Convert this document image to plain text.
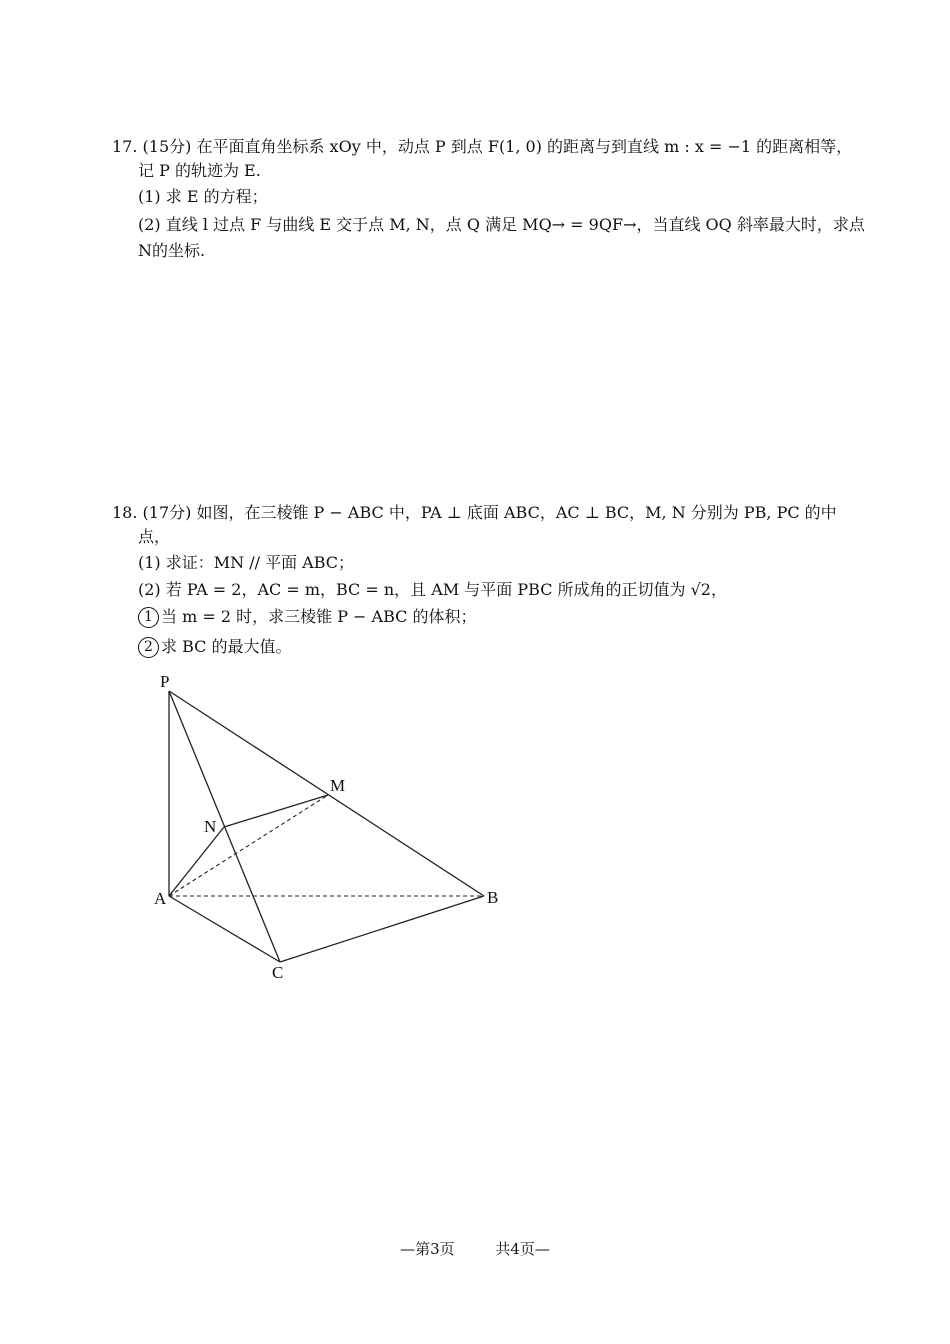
17. (15分) 在平面直角坐标系 xOy 中，动点 P 到点 F(1, 0) 的距离与到直线 m : x = −1 的距离相等，
记 P 的轨迹为 E.
(1) 求 E 的方程；
(2) 直线 l 过点 F 与曲线 E 交于点 M, N，点 Q 满足 MQ→ = 9QF→，当直线 OQ 斜率最大时，求点
N的坐标.
18. (17分) 如图，在三棱锥 P − ABC 中，PA ⊥ 底面 ABC，AC ⊥ BC，M, N 分别为 PB, PC 的中
点，
(1) 求证：MN // 平面 ABC；
(2) 若 PA = 2，AC = m，BC = n，且 AM 与平面 PBC 所成角的正切值为 √2，
1 当 m = 2 时，求三棱锥 P − ABC 的体积；
2 求 BC 的最大值。
P
M
N
A	B
C
—第3页	共4页—
